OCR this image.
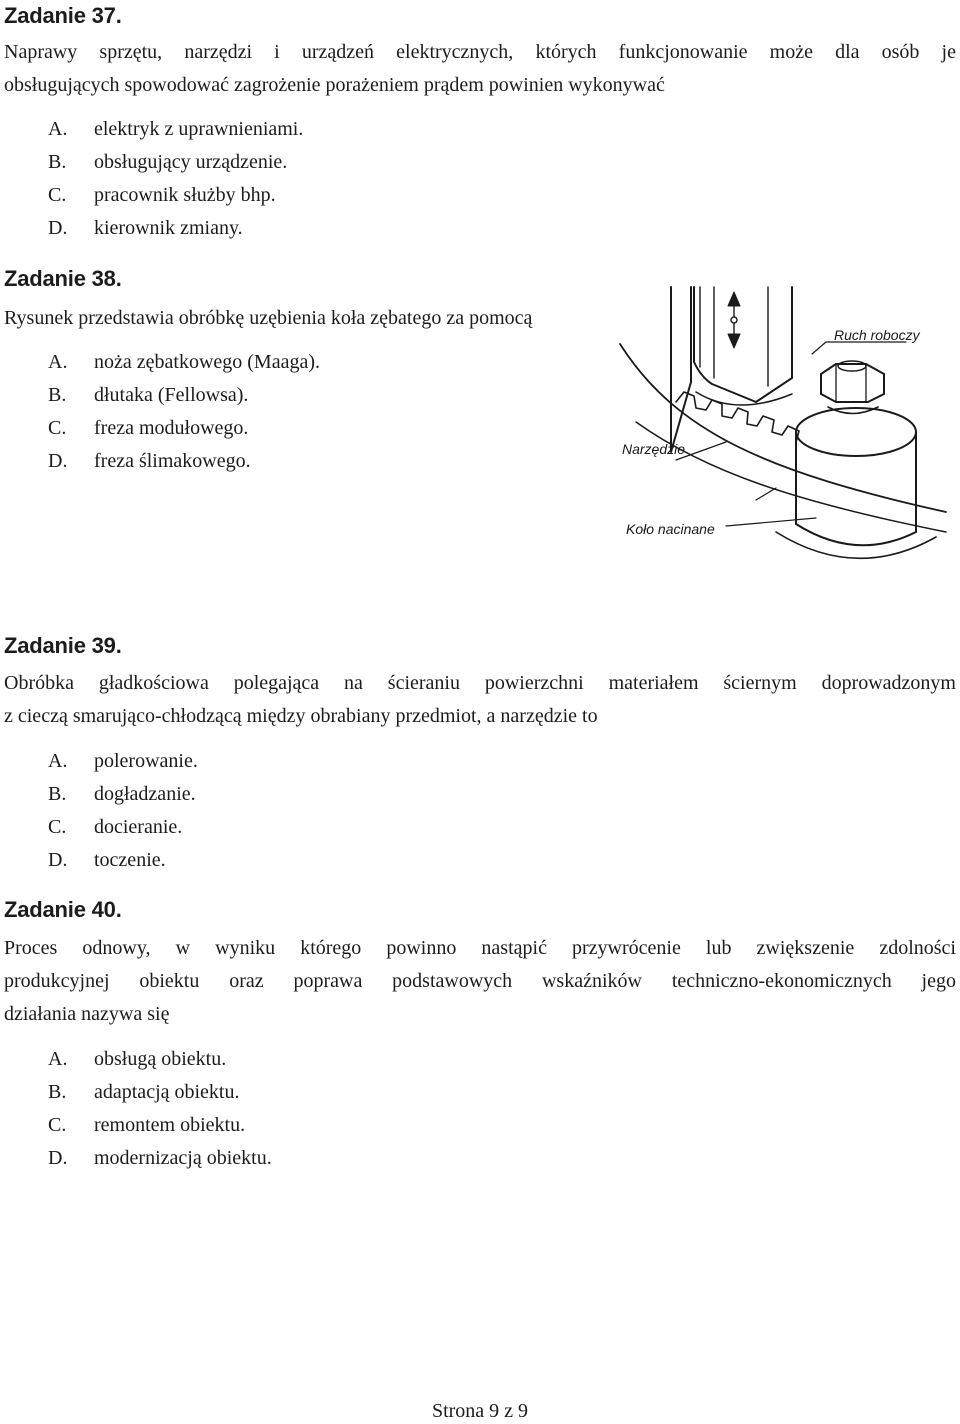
Zadanie 37.

Naprawy sprzętu, narzędzi i urządzeń elektrycznych, których funkcjonowanie może dla osób je
obsługujących spowodować zagrożenie porażeniem prądem powinien wykonywać

A. elektryk z uprawnieniami.
B. obsługujący urządzenie.
C. pracownik służby bhp.
D. kierownik zmiany.
Zadanie 38.

Rysunek przedstawia obróbkę uzębienia koła zębatego za pomocą

A. noża zębatkowego (Maaga).
B. dłutaka (Fellowsa).
C. freza modułowego.
D. freza ślimakowego.
Ruch roboczy
Narzędzie
Koło nacinane
Zadanie 39.

Obróbka gładkościowa polegająca na ścieraniu powierzchni materiałem ściernym doprowadzonym
z cieczą smarująco-chłodzącą między obrabiany przedmiot, a narzędzie to

A. polerowanie.
B. dogładzanie.
C. docieranie.
D. toczenie.
Zadanie 40.

Proces odnowy, w wyniku którego powinno nastąpić przywrócenie lub zwiększenie zdolności
produkcyjnej obiektu oraz poprawa podstawowych wskaźników techniczno-ekonomicznych jego
działania nazywa się

A. obsługą obiektu.
B. adaptacją obiektu.
C. remontem obiektu.
D. modernizacją obiektu.
Strona 9 z 9
